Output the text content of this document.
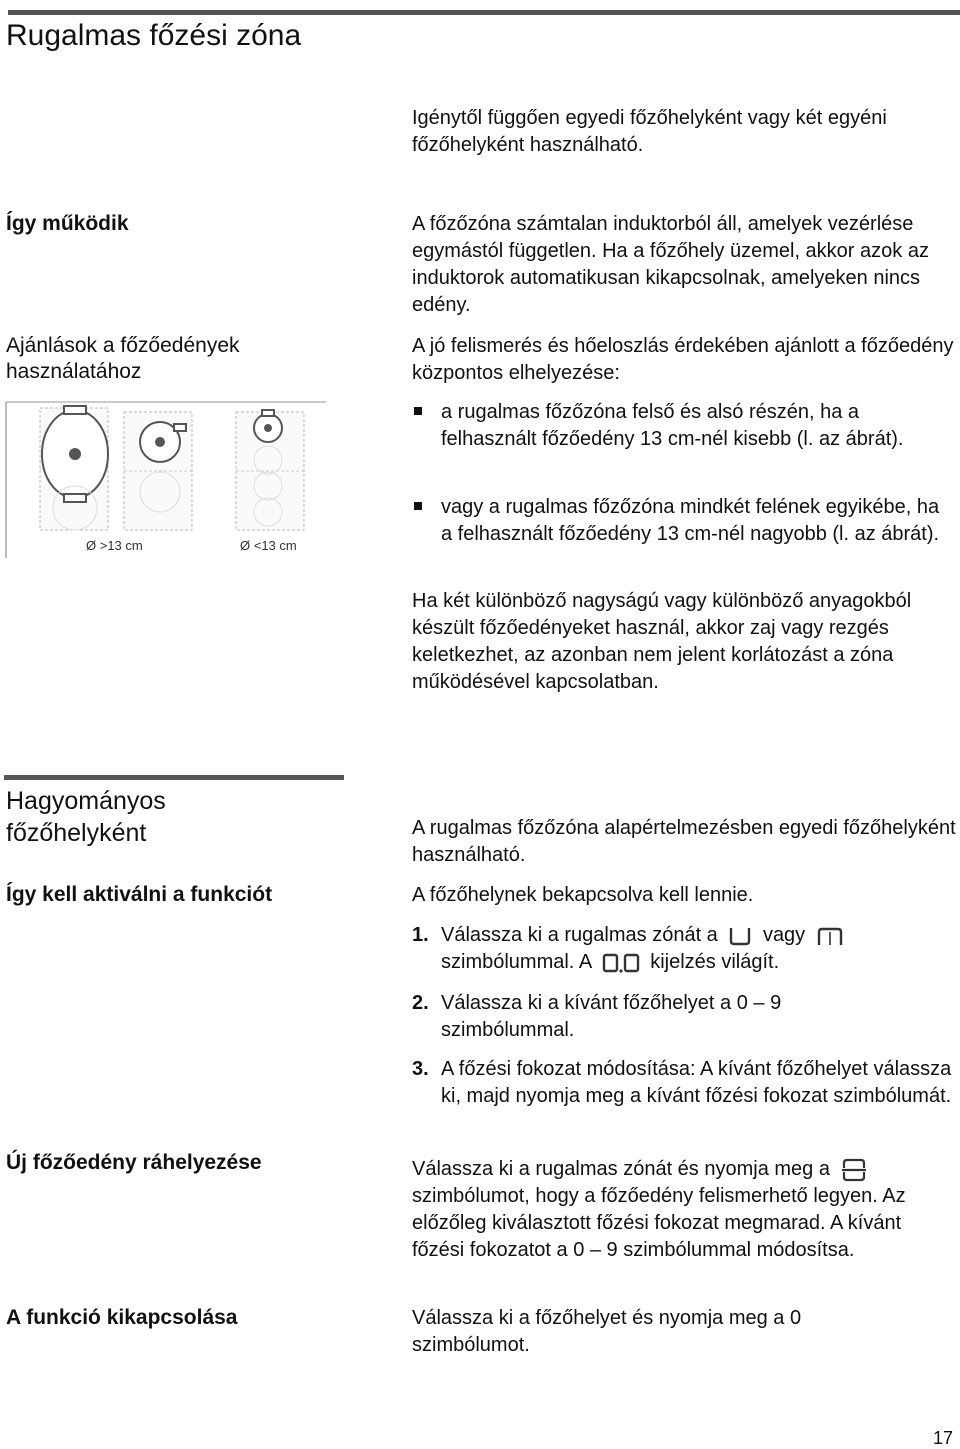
Rugalmas főzési zóna
Igénytől függően egyedi főzőhelyként vagy két egyéni főzőhelyként használható.
Így működik	A főzőzóna számtalan induktorból áll, amelyek vezérlése egymástól független. Ha a főzőhely üzemel, akkor azok az induktorok automatikusan kikapcsolnak, amelyeken nincs edény.
Ajánlások a főzőedények használatához
A jó felismerés és hőeloszlás érdekében ajánlott a főzőedény központos elhelyezése:
Ø >13 cm	Ø <13 cm
a rugalmas főzőzóna felső és alsó részén, ha a felhasznált főzőedény 13 cm-nél kisebb (l. az ábrát).
vagy a rugalmas főzőzóna mindkét felének egyikébe, ha a felhasznált főzőedény 13 cm-nél nagyobb (l. az ábrát).
Ha két különböző nagyságú vagy különböző anyagokból készült főzőedényeket használ, akkor zaj vagy rezgés keletkezhet, az azonban nem jelent korlátozást a zóna működésével kapcsolatban.
Hagyományos főzőhelyként	A rugalmas főzőzóna alapértelmezésben egyedi főzőhelyként használható.
Így kell aktiválni a funkciót	A főzőhelynek bekapcsolva kell lennie.
1. Válassza ki a rugalmas zónát a vagy
szimbólummal. A	kijelzés világít.
2. Válassza ki a kívánt főzőhelyet a 0 – 9 szimbólummal.
3. A főzési fokozat módosítása: A kívánt főzőhelyet válassza ki, majd nyomja meg a kívánt főzési fokozat szimbólumát.
Új főzőedény ráhelyezése	Válassza ki a rugalmas zónát és nyomja meg a  szimbólumot, hogy a főzőedény felismerhető legyen. Az előzőleg kiválasztott főzési fokozat megmarad. A kívánt főzési fokozatot a 0 – 9 szimbólummal módosítsa.
A funkció kikapcsolása	Válassza ki a főzőhelyet és nyomja meg a 0 szimbólumot.
17
